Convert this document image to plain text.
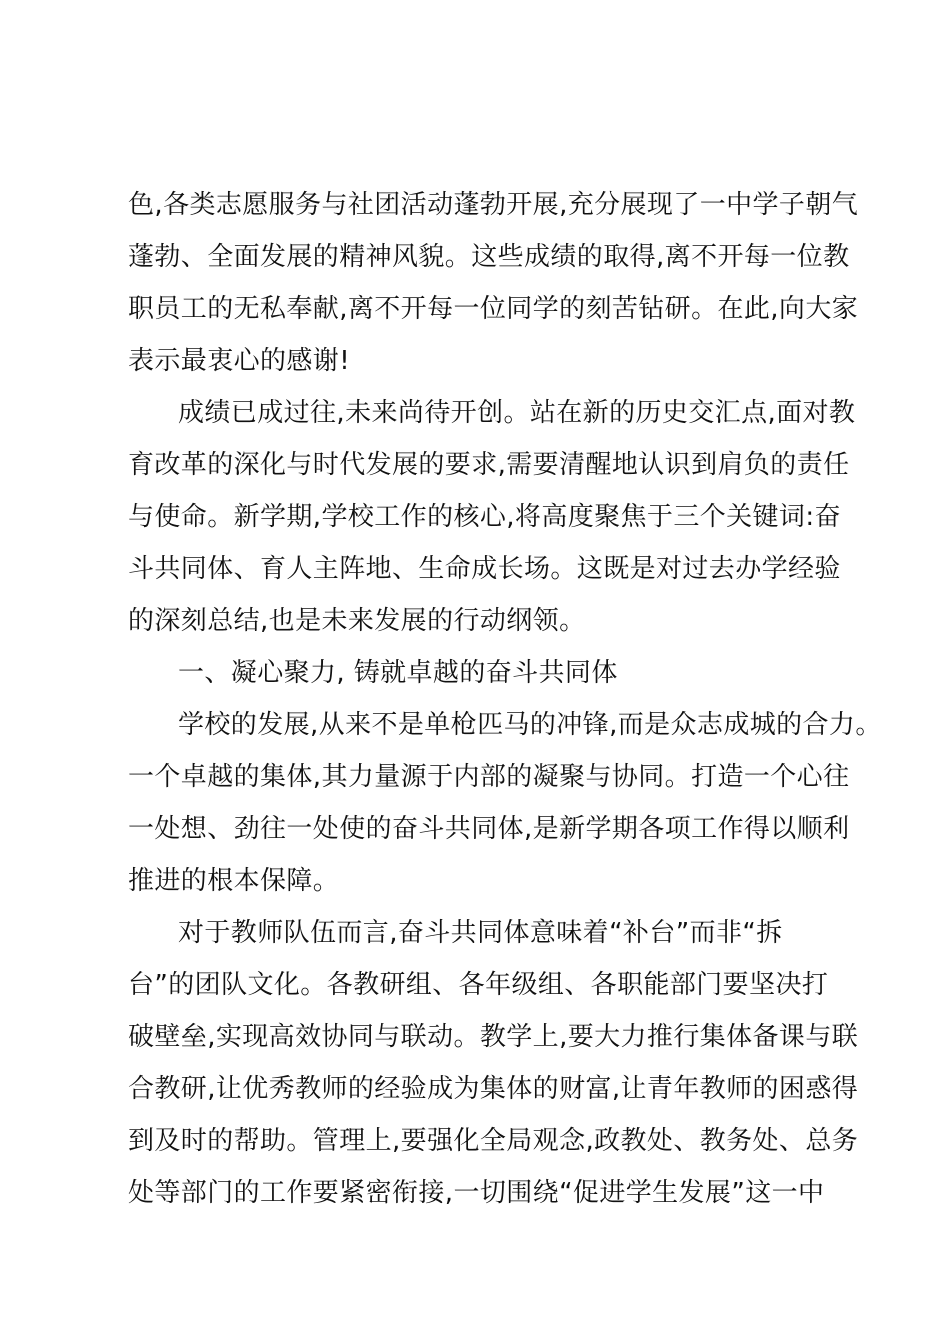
色,各类志愿服务与社团活动蓬勃开展,充分展现了一中学子朝气

蓬勃、全面发展的精神风貌。这些成绩的取得,离不开每一位教

职员工的无私奉献,离不开每一位同学的刻苦钻研。在此,向大家

表示最衷心的感谢!

成绩已成过往,未来尚待开创。站在新的历史交汇点,面对教

育改革的深化与时代发展的要求,需要清醒地认识到肩负的责任

与使命。新学期,学校工作的核心,将高度聚焦于三个关键词:奋

斗共同体、育人主阵地、生命成长场。这既是对过去办学经验

的深刻总结,也是未来发展的行动纲领。

一、凝心聚力, 铸就卓越的奋斗共同体

学校的发展,从来不是单枪匹马的冲锋,而是众志成城的合力。

一个卓越的集体,其力量源于内部的凝聚与协同。打造一个心往

一处想、劲往一处使的奋斗共同体,是新学期各项工作得以顺利

推进的根本保障。

对于教师队伍而言,奋斗共同体意味着“补台”而非“拆

台”的团队文化。各教研组、各年级组、各职能部门要坚决打

破壁垒,实现高效协同与联动。教学上,要大力推行集体备课与联

合教研,让优秀教师的经验成为集体的财富,让青年教师的困惑得

到及时的帮助。管理上,要强化全局观念,政教处、教务处、总务

处等部门的工作要紧密衔接,一切围绕“促进学生发展”这一中
